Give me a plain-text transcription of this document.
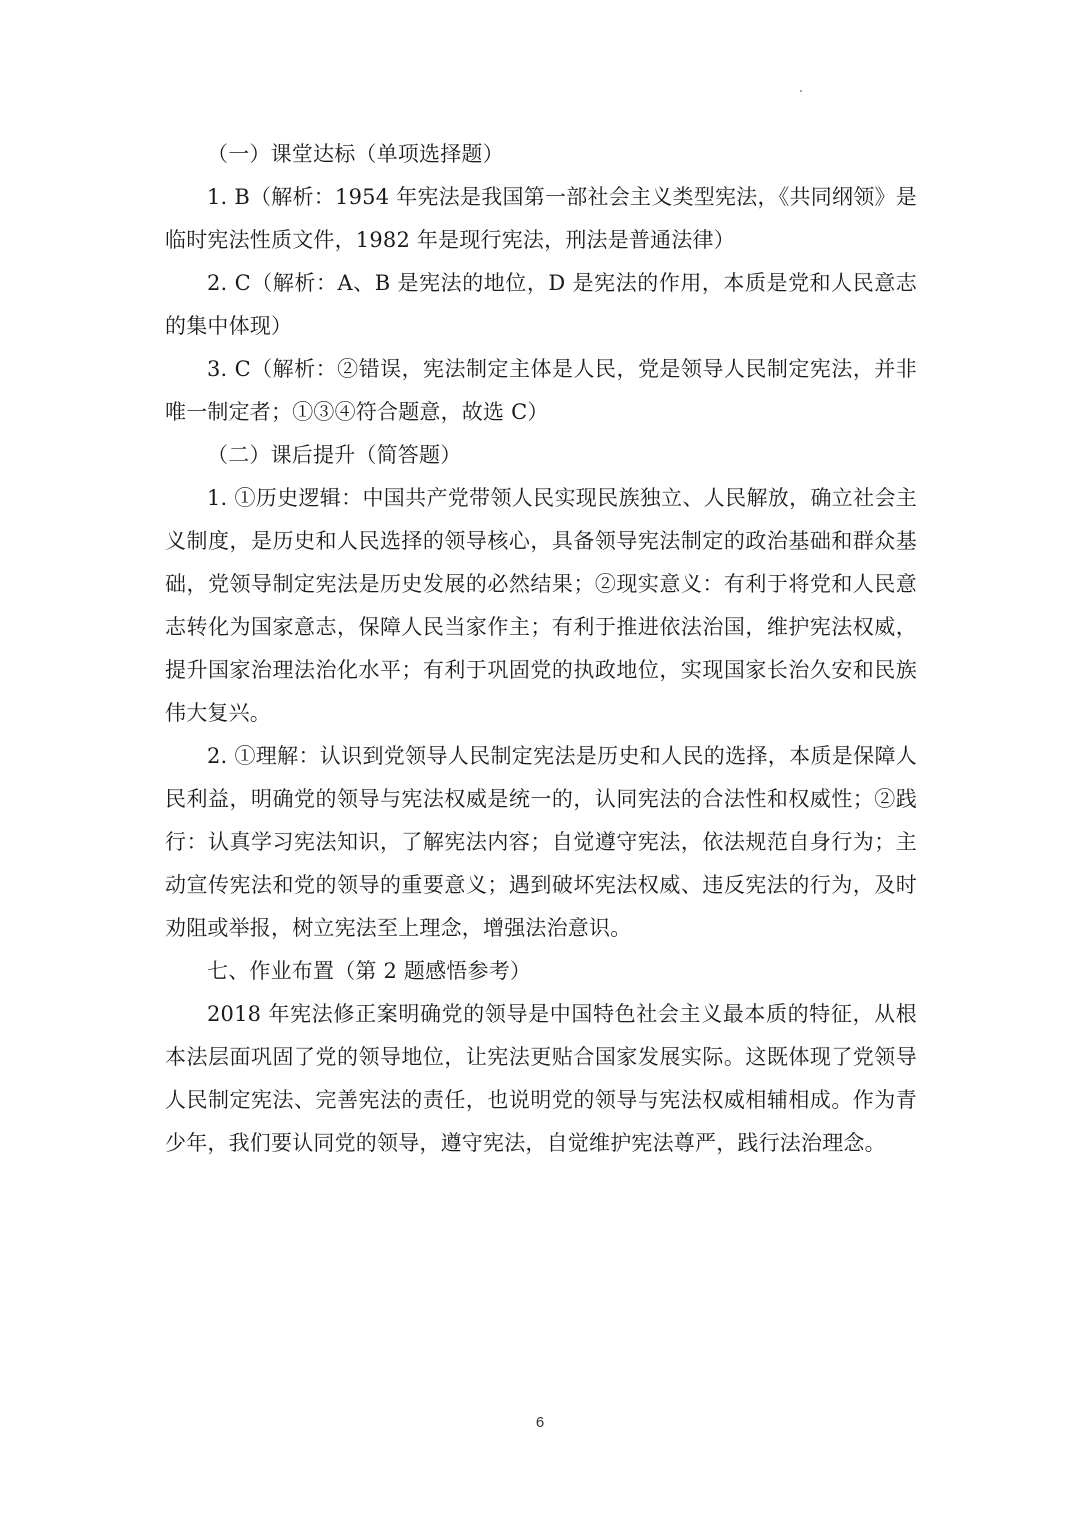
（一）课堂达标（单项选择题）

1. B（解析：1954 年宪法是我国第一部社会主义类型宪法，《共同纲领》是临时宪法性质文件，1982 年是现行宪法，刑法是普通法律）

2. C（解析：A、B 是宪法的地位，D 是宪法的作用，本质是党和人民意志的集中体现）

3. C（解析：②错误，宪法制定主体是人民，党是领导人民制定宪法，并非唯一制定者；①③④符合题意，故选 C）

（二）课后提升（简答题）

1. ①历史逻辑：中国共产党带领人民实现民族独立、人民解放，确立社会主义制度，是历史和人民选择的领导核心，具备领导宪法制定的政治基础和群众基础，党领导制定宪法是历史发展的必然结果；②现实意义：有利于将党和人民意志转化为国家意志，保障人民当家作主；有利于推进依法治国，维护宪法权威，提升国家治理法治化水平；有利于巩固党的执政地位，实现国家长治久安和民族伟大复兴。

2. ①理解：认识到党领导人民制定宪法是历史和人民的选择，本质是保障人民利益，明确党的领导与宪法权威是统一的，认同宪法的合法性和权威性；②践行：认真学习宪法知识，了解宪法内容；自觉遵守宪法，依法规范自身行为；主动宣传宪法和党的领导的重要意义；遇到破坏宪法权威、违反宪法的行为，及时劝阻或举报，树立宪法至上理念，增强法治意识。

七、作业布置（第 2 题感悟参考）

2018 年宪法修正案明确党的领导是中国特色社会主义最本质的特征，从根本法层面巩固了党的领导地位，让宪法更贴合国家发展实际。这既体现了党领导人民制定宪法、完善宪法的责任，也说明党的领导与宪法权威相辅相成。作为青少年，我们要认同党的领导，遵守宪法，自觉维护宪法尊严，践行法治理念。

6
